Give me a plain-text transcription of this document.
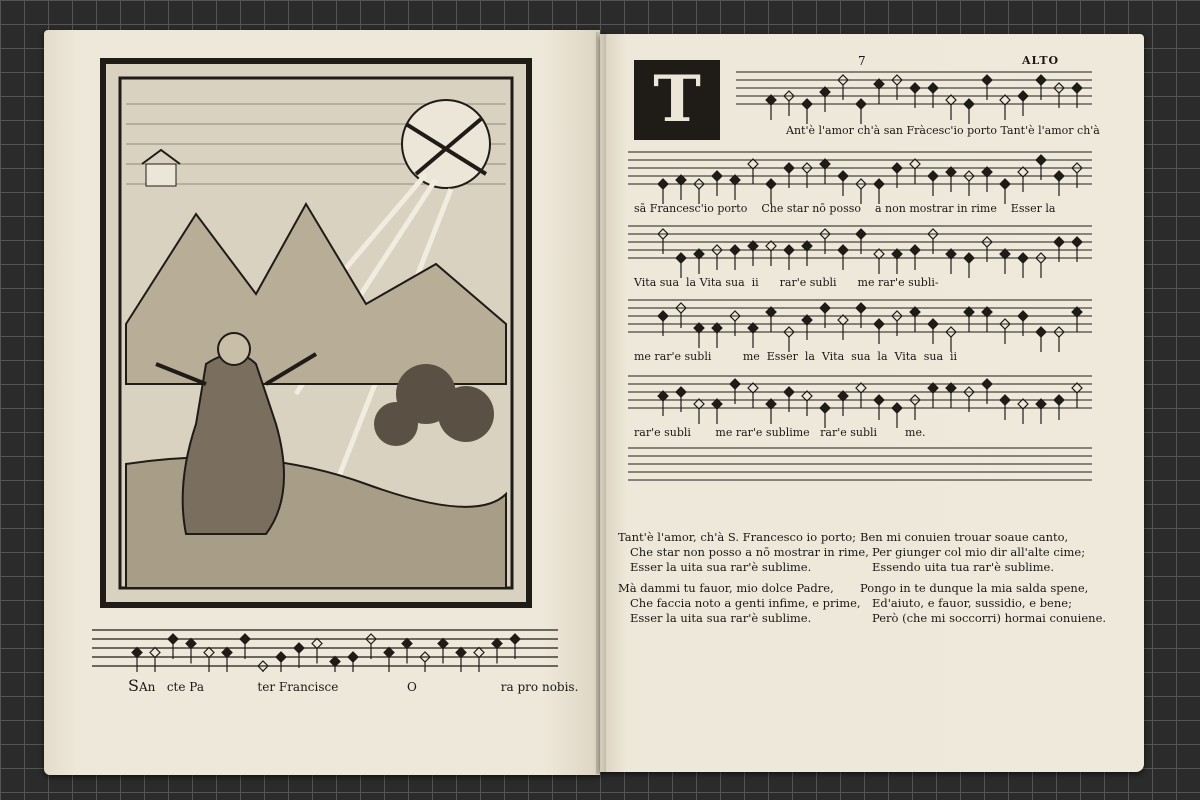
SAn cte Pa	ter Francisce	O	ra pro nobis.
7	ALTO
T	Ant'è l'amor ch'à san Fràcesc'io porto Tant'è l'amor ch'à
sā Francesc'io porto    Che star nō posso    a non mostrar in rime    Esser la
Vita sua  la Vita sua  ii      rar'e subli      me rar'e subli-
me rar'e subli         me  Esser  la  Vita  sua  la  Vita  sua  ii
rar'e subli       me rar'e sublime   rar'e subli        me.
Tant'è l'amor, ch'à S. Francesco io porto;
Che star non posso a nō mostrar in rime,
Esser la uita sua rar'è sublime.
Mà dammi tu fauor, mio dolce Padre,
Che faccia noto a genti infime, e prime,
Esser la uita sua rar'è sublime.
Ben mi conuien trouar soaue canto,
Per giunger col mio dir all'alte cime;
Essendo uita tua rar'è sublime.
Pongo in te dunque la mia salda spene,
Ed'aiuto, e fauor, sussidio, e bene;
Però (che mi soccorri) hormai conuiene.
